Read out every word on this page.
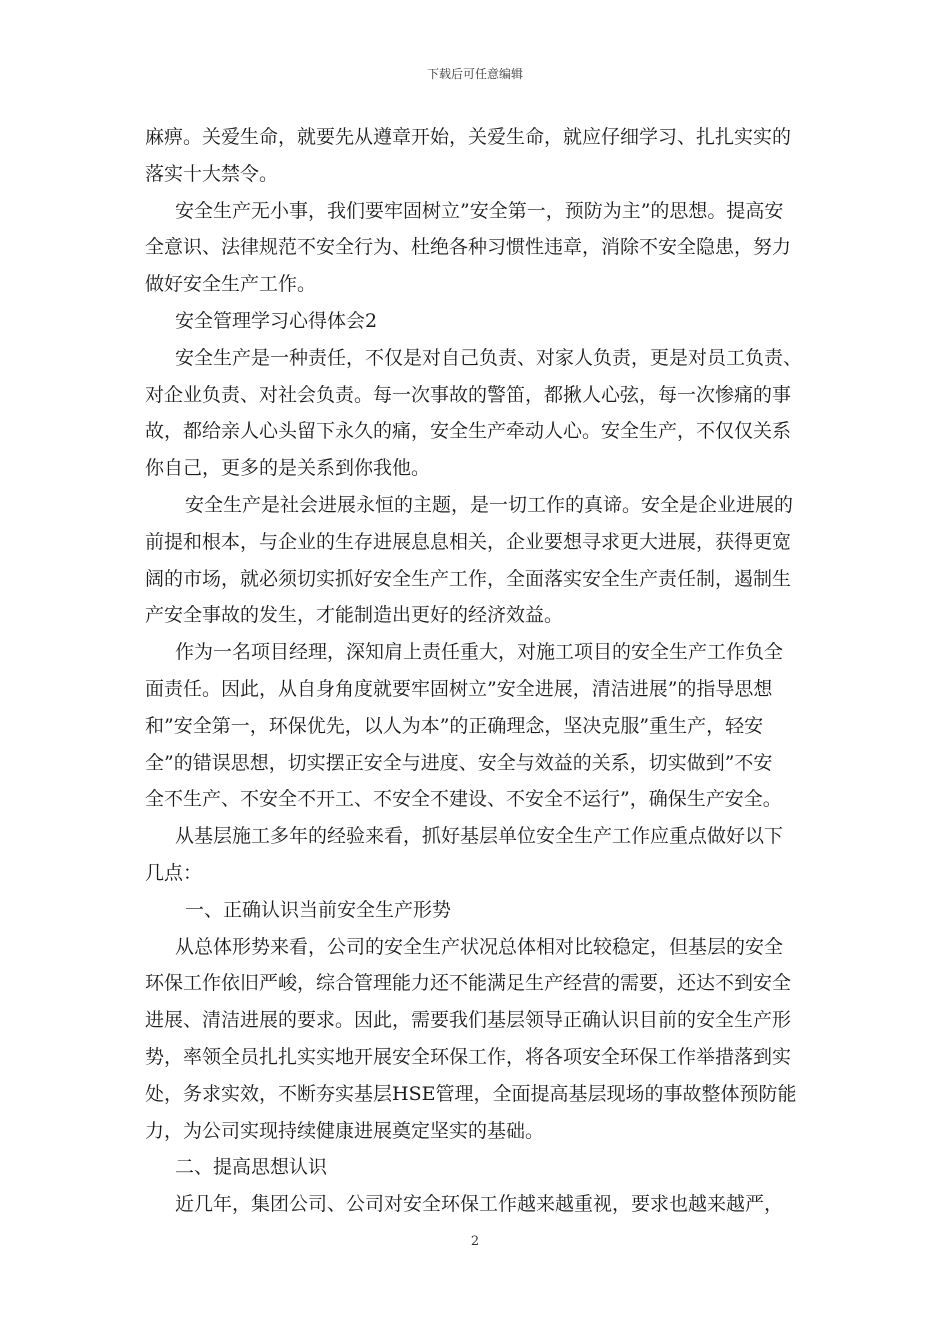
下载后可任意编辑
麻痹。关爱生命，就要先从遵章开始，关爱生命，就应仔细学习、扎扎实实的
落实十大禁令。
安全生产无小事，我们要牢固树立”安全第一，预防为主”的思想。提高安
全意识、法律规范不安全行为、杜绝各种习惯性违章，消除不安全隐患，努力
做好安全生产工作。
安全管理学习心得体会2
安全生产是一种责任，不仅是对自己负责、对家人负责，更是对员工负责、
对企业负责、对社会负责。每一次事故的警笛，都揪人心弦，每一次惨痛的事
故，都给亲人心头留下永久的痛，安全生产牵动人心。安全生产，不仅仅关系
你自己，更多的是关系到你我他。
安全生产是社会进展永恒的主题，是一切工作的真谛。安全是企业进展的
前提和根本，与企业的生存进展息息相关，企业要想寻求更大进展，获得更宽
阔的市场，就必须切实抓好安全生产工作，全面落实安全生产责任制，遏制生
产安全事故的发生，才能制造出更好的经济效益。
作为一名项目经理，深知肩上责任重大，对施工项目的安全生产工作负全
面责任。因此，从自身角度就要牢固树立”安全进展，清洁进展”的指导思想
和”安全第一，环保优先，以人为本”的正确理念，坚决克服”重生产，轻安
全”的错误思想，切实摆正安全与进度、安全与效益的关系，切实做到”不安
全不生产、不安全不开工、不安全不建设、不安全不运行”，确保生产安全。
从基层施工多年的经验来看，抓好基层单位安全生产工作应重点做好以下
几点：
一、正确认识当前安全生产形势
从总体形势来看，公司的安全生产状况总体相对比较稳定，但基层的安全
环保工作依旧严峻，综合管理能力还不能满足生产经营的需要，还达不到安全
进展、清洁进展的要求。因此，需要我们基层领导正确认识目前的安全生产形
势，率领全员扎扎实实地开展安全环保工作，将各项安全环保工作举措落到实
处，务求实效，不断夯实基层HSE管理，全面提高基层现场的事故整体预防能
力，为公司实现持续健康进展奠定坚实的基础。
二、提高思想认识
近几年，集团公司、公司对安全环保工作越来越重视，要求也越来越严，
2
